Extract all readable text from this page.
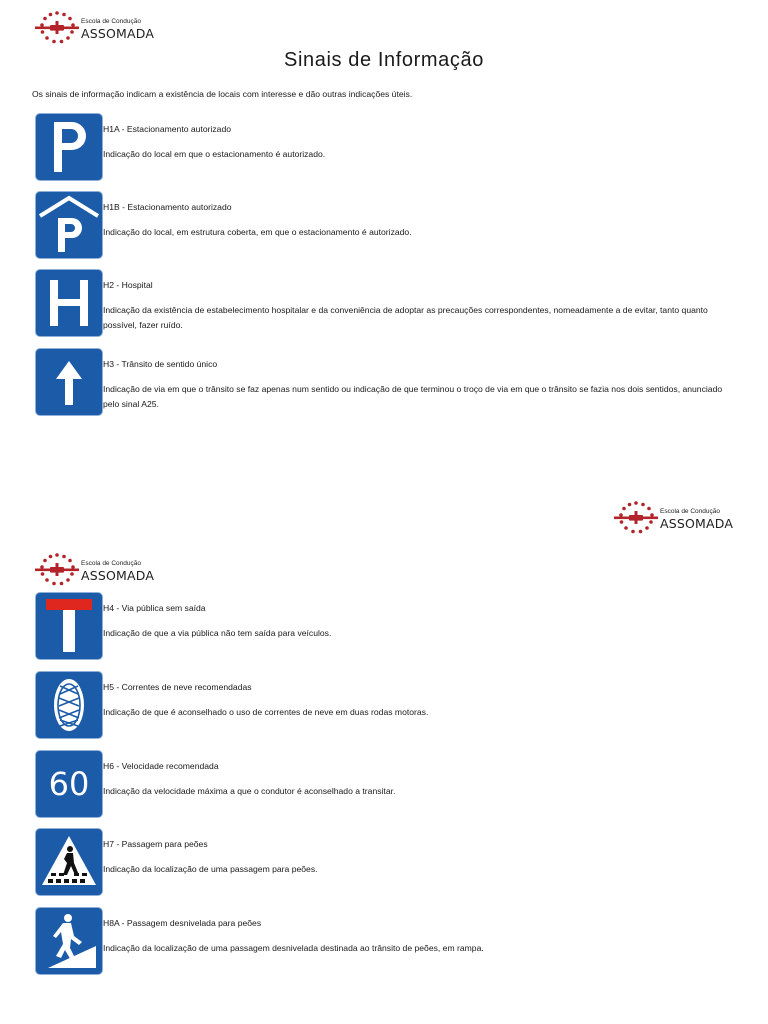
Escola de Condução
ASSOMADA
Sinais de Informação
Os sinais de informação indicam a existência de locais com interesse e dão outras indicações úteis.
H1A - Estacionamento autorizado
Indicação do local em que o estacionamento é autorizado.
H1B - Estacionamento autorizado
Indicação do local, em estrutura coberta, em que o estacionamento é autorizado.
H2 - Hospital
Indicação da existência de estabelecimento hospitalar e da conveniência de adoptar as precauções correspondentes, nomeadamente a de evitar, tanto quanto possível, fazer ruído.
H3 - Trânsito de sentido único
Indicação de via em que o trânsito se faz apenas num sentido ou indicação de que terminou o troço de via em que o trânsito se fazia nos dois sentidos, anunciado pelo sinal A25.
Escola de Condução
ASSOMADA
Escola de Condução
ASSOMADA
H4 - Via pública sem saída
Indicação de que a via pública não tem saída para veículos.
H5 - Correntes de neve recomendadas
Indicação de que é aconselhado o uso de correntes de neve em duas rodas motoras.
60	H6 - Velocidade recomendada
Indicação da velocidade máxima a que o condutor é aconselhado a transitar.
H7 - Passagem para peões
Indicação da localização de uma passagem para peões.
H8A - Passagem desnivelada para peões
Indicação da localização de uma passagem desnivelada destinada ao trânsito de peões, em rampa.
